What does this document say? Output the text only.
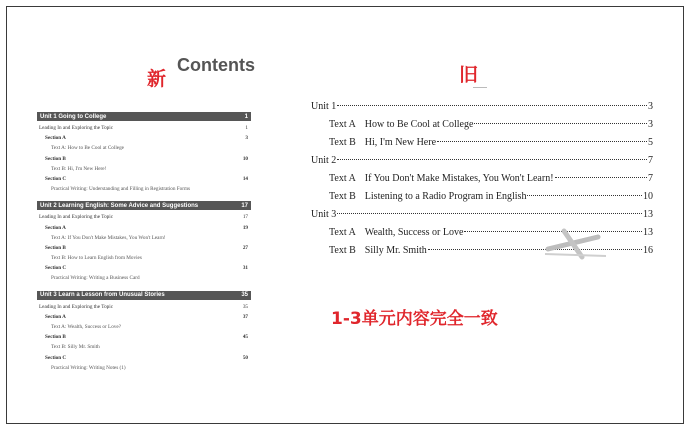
新
Contents
Unit 1 Going to College	1
Leading In and Exploring the Topic	1
Section A	3
Text A: How to Be Cool at College
Section B	10
Text B: Hi, I'm New Here!
Section C	14
Practical Writing: Understanding and Filling in Registration Forms
Unit 2 Learning English: Some Advice and Suggestions	17
Leading In and Exploring the Topic	17
Section A	19
Text A: If You Don't Make Mistakes, You Won't Learn!
Section B	27
Text B: How to Learn English from Movies
Section C	31
Practical Writing: Writing a Business Card
Unit 3 Learn a Lesson from Unusual Stories	35
Leading In and Exploring the Topic	35
Section A	37
Text A: Wealth, Success or Love?
Section B	45
Text B: Silly Mr. Smith
Section C	50
Practical Writing: Writing Notes (1)
旧
Unit 1	3
Text A How to Be Cool at College	3
Text B Hi, I'm New Here	5
Unit 2	7
Text A If You Don't Make Mistakes, You Won't Learn!	7
Text B Listening to a Radio Program in English	10
Unit 3	13
Text A Wealth, Success or Love	13
Text B Silly Mr. Smith	16
1-3单元内容完全一致
